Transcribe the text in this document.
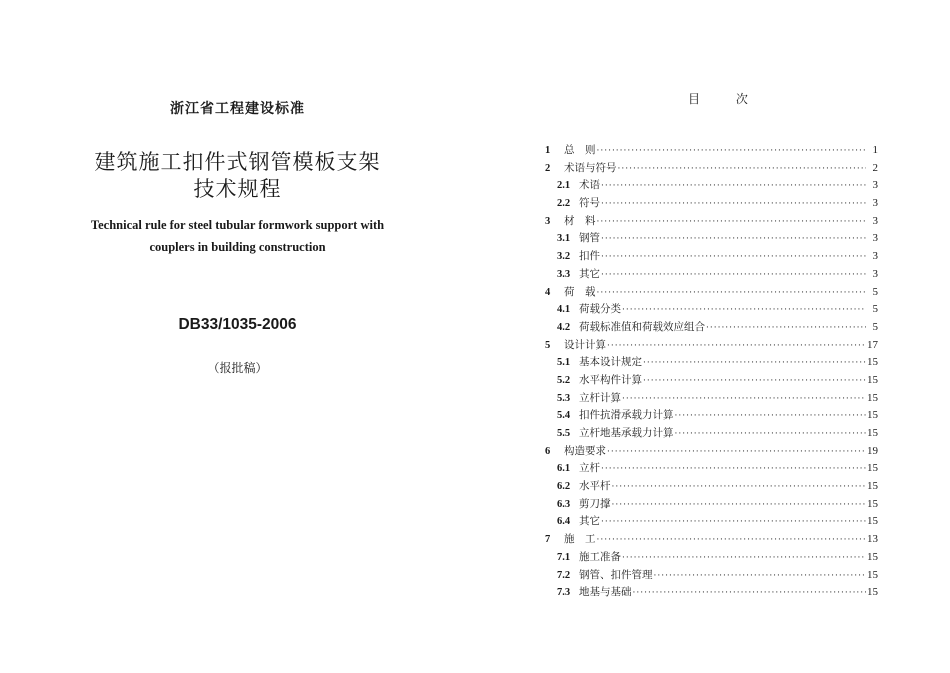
浙江省工程建设标准
建筑施工扣件式钢管模板支架
技术规程
Technical rule for steel tubular formwork support with
couplers in building construction
DB33/1035-2006
（报批稿）
目 次
1	总　则 ·····	1
2	术语与符号 ·····	2
2.1 术语 ·····	3
2.2 符号 ·····	3
3	材　料 ·····	3
3.1 钢管 ·····	3
3.2 扣件 ·····	3
3.3 其它 ·····	3
4	荷　载 ·····	5
4.1 荷载分类 ·····	5
4.2 荷载标准值和荷载效应组合 ·····	5
5	设计计算 ·····	17
5.1 基本设计规定 ·····	15
5.2 水平构件计算 ·····	15
5.3 立杆计算 ·····	15
5.4 扣件抗滑承载力计算 ·····	15
5.5 立杆地基承载力计算 ·····	15
6	构造要求 ·····	19
6.1 立杆 ·····	15
6.2 水平杆 ·····	15
6.3 剪刀撑 ·····	15
6.4 其它 ·····	15
7	施　工 ·····	13
7.1 施工准备 ·····	15
7.2 钢管、扣件管理 ·····	15
7.3 地基与基础 ·····	15
